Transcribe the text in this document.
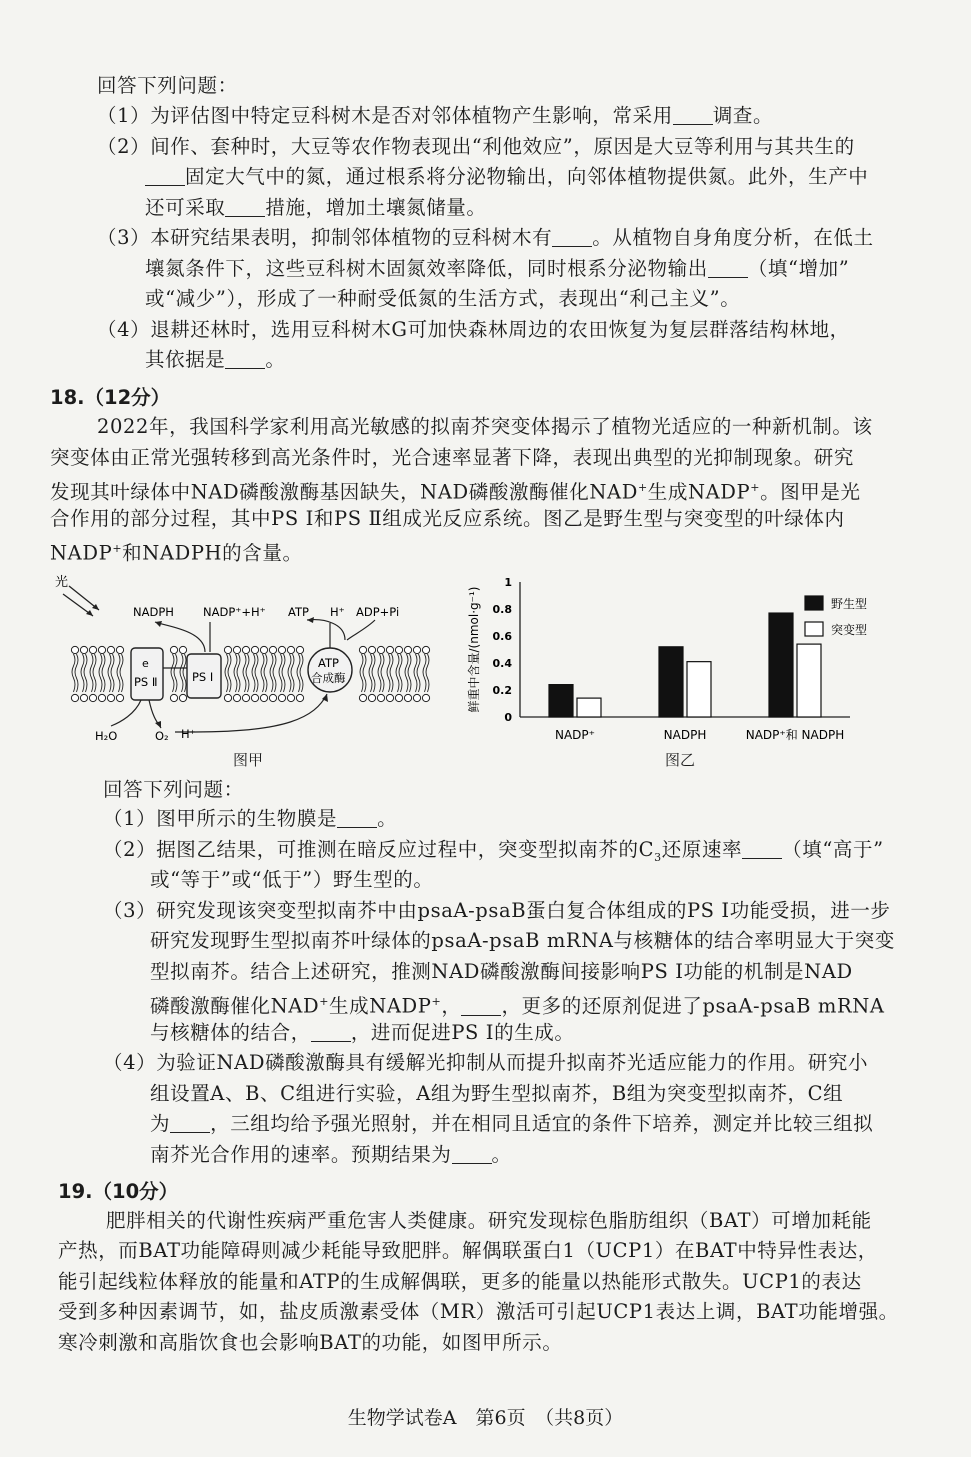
回答下列问题：
（1）为评估图中特定豆科树木是否对邻体植物产生影响，常采用 调查。
（2）间作、套种时，大豆等农作物表现出“利他效应”，原因是大豆等利用与其共生的
固定大气中的氮，通过根系将分泌物输出，向邻体植物提供氮。此外，生产中
还可采取 措施，增加土壤氮储量。
（3）本研究结果表明，抑制邻体植物的豆科树木有 。从植物自身角度分析，在低土
壤氮条件下，这些豆科树木固氮效率降低，同时根系分泌物输出 （填“增加”
或“减少”），形成了一种耐受低氮的生活方式，表现出“利己主义”。
（4）退耕还林时，选用豆科树木G可加快森林周边的农田恢复为复层群落结构林地，
其依据是 。
18.（12分）
2022年，我国科学家利用高光敏感的拟南芥突变体揭示了植物光适应的一种新机制。该
突变体由正常光强转移到高光条件时，光合速率显著下降，表现出典型的光抑制现象。研究
发现其叶绿体中NAD磷酸激酶基因缺失，NAD磷酸激酶催化NAD+生成NADP+。图甲是光
合作用的部分过程，其中PS Ⅰ和PS Ⅱ组成光反应系统。图乙是野生型与突变型的叶绿体内
NADP+和NADPH的含量。
光
NADPH	NADP⁺+H⁺ ATP H⁺ ADP+Pi
e
PS Ⅱ	PS Ⅰ
ATP
合成酶
H₂O	O₂ H⁺
图甲
0
0.2
0.4
0.6
0.8
1
鲜重中含量/(nmol·g⁻¹)
NADP⁺	NADPH	NADP⁺和 NADPH
野生型
突变型
图乙
回答下列问题：
（1）图甲所示的生物膜是 。
（2）据图乙结果，可推测在暗反应过程中，突变型拟南芥的$C_3$还原速率 （填“高于”
或“等于”或“低于”）野生型的。
（3）研究发现该突变型拟南芥中由psaA-psaB蛋白复合体组成的PS Ⅰ功能受损，进一步
研究发现野生型拟南芥叶绿体的psaA-psaB mRNA与核糖体的结合率明显大于突变
型拟南芥。结合上述研究，推测NAD磷酸激酶间接影响PS Ⅰ功能的机制是NAD
磷酸激酶催化NAD+生成NADP+， ，更多的还原剂促进了psaA-psaB mRNA
与核糖体的结合， ，进而促进PS Ⅰ的生成。
（4）为验证NAD磷酸激酶具有缓解光抑制从而提升拟南芥光适应能力的作用。研究小
组设置A、B、C组进行实验，A组为野生型拟南芥，B组为突变型拟南芥，C组
为 ，三组均给予强光照射，并在相同且适宜的条件下培养，测定并比较三组拟
南芥光合作用的速率。预期结果为 。
19.（10分）
肥胖相关的代谢性疾病严重危害人类健康。研究发现棕色脂肪组织（BAT）可增加耗能
产热，而BAT功能障碍则减少耗能导致肥胖。解偶联蛋白1（UCP1）在BAT中特异性表达，
能引起线粒体释放的能量和ATP的生成解偶联，更多的能量以热能形式散失。UCP1的表达
受到多种因素调节，如，盐皮质激素受体（MR）激活可引起UCP1表达上调，BAT功能增强。
寒冷刺激和高脂饮食也会影响BAT的功能，如图甲所示。
生物学试卷A　第6页　（共8页）
